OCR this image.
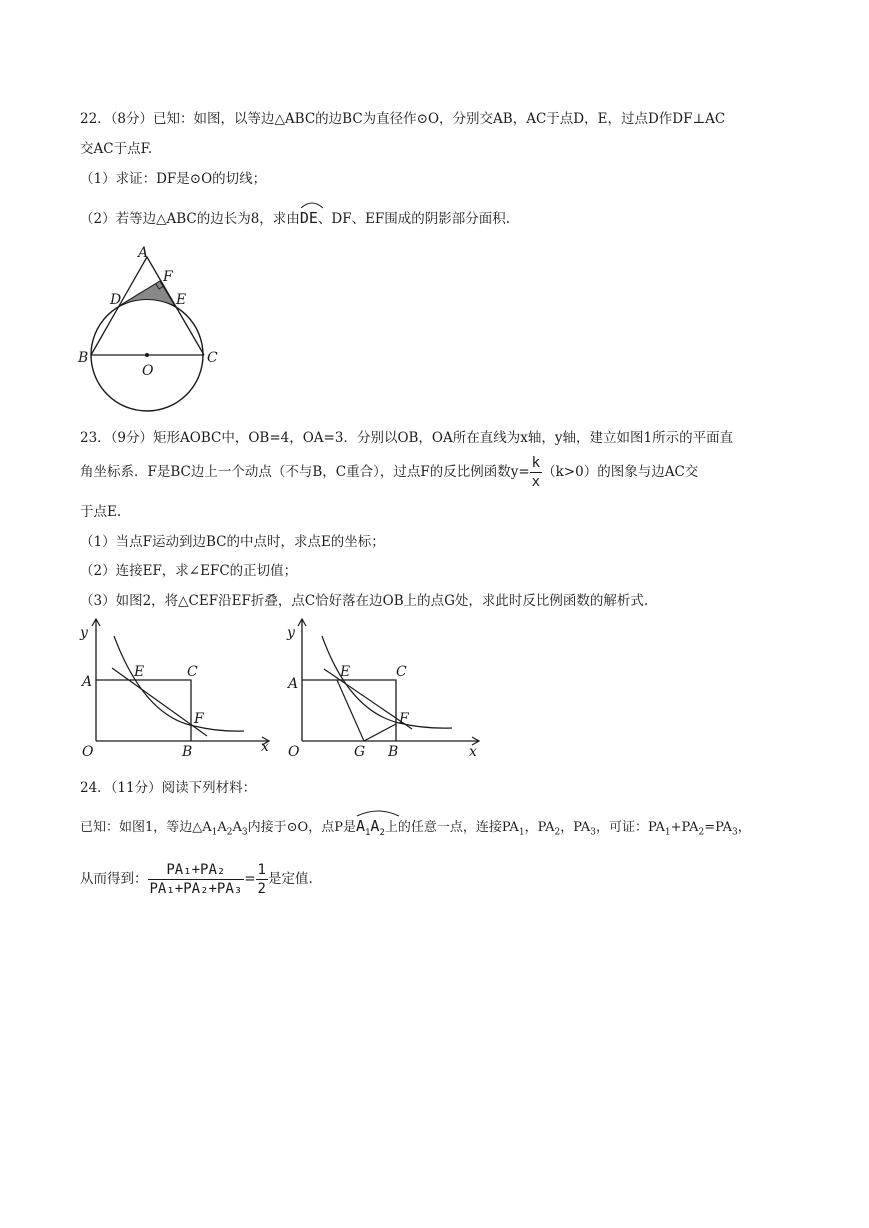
22．（8分）已知：如图，以等边△ABC的边BC为直径作⊙O，分别交AB，AC于点D，E，过点D作DF⊥AC
交AC于点F.
（1）求证：DF是⊙O的切线；
（2）若等边△ABC的边长为8，求由
DE、DF、EF围成的阴影部分面积.
A
F
D	E
B	C
O
23．（9分）矩形AOBC中，OB=4，OA=3．分别以OB，OA所在直线为x轴，y轴，建立如图1所示的平面直
角坐标系．F是BC边上一个动点（不与B，C重合），过点F的反比例函数$y= \frac{k}{x} (k>0)$的图象与边AC交
于点E.
（1）当点F运动到边BC的中点时，求点E的坐标；
（2）连接EF，求∠EFC的正切值；
（3）如图2，将△CEF沿EF折叠，点C恰好落在边OB上的点G处，求此时反比例函数的解析式.
y
x
A
E	C
F
O	B
y
x
A
E	C
F
O	G B
24．（11分）阅读下列材料：
已知：如图1，等边$\triangle A_1A_2A_3$内接于⊙O，点P是
$A_1A_2$上的任意一点，连接$PA_1$，$PA_2$，$PA_3$，可证：$PA_1+PA_2=PA_3$，
从而得到： $\frac{\text{PA₁+PA₂}}{\text{PA₁+PA₂+PA₃}} = \frac{1}{2}$ 是定值.
